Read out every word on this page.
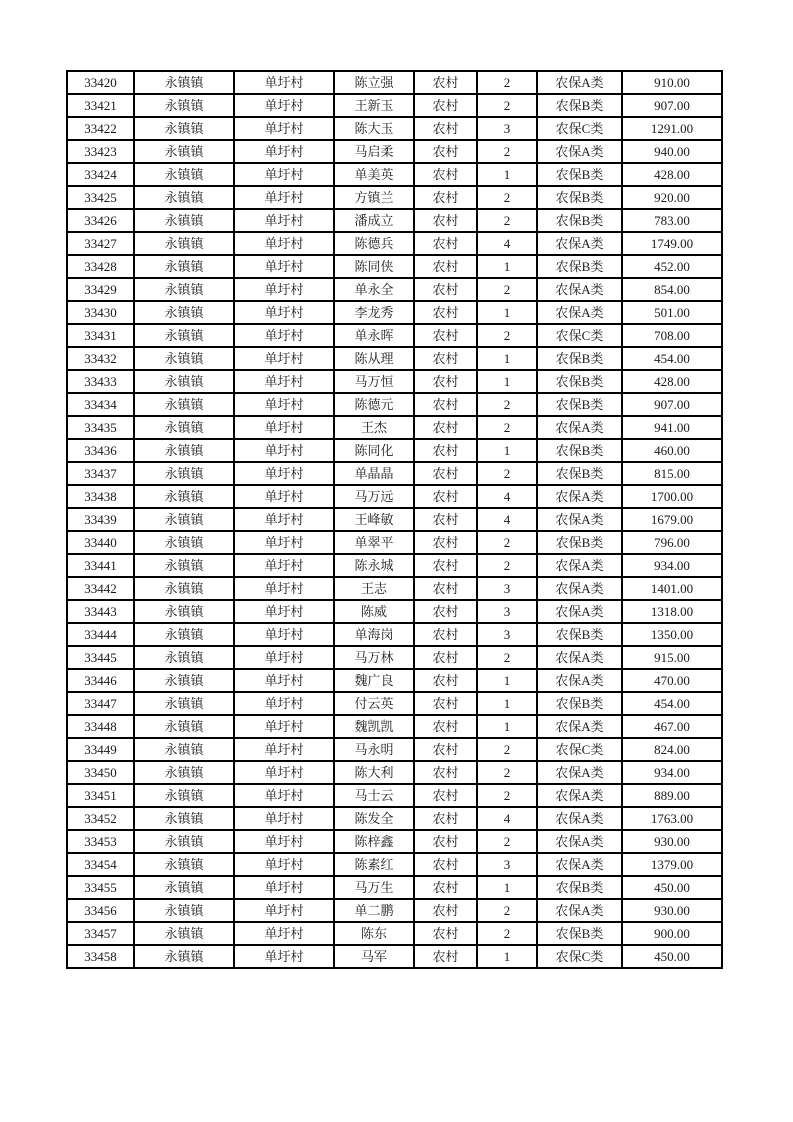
33420	永镇镇	单圩村	陈立强	农村	2	农保A类	910.00
33421	永镇镇	单圩村	王新玉	农村	2	农保B类	907.00
33422	永镇镇	单圩村	陈大玉	农村	3	农保C类	1291.00
33423	永镇镇	单圩村	马启柔	农村	2	农保A类	940.00
33424	永镇镇	单圩村	单美英	农村	1	农保B类	428.00
33425	永镇镇	单圩村	方镇兰	农村	2	农保B类	920.00
33426	永镇镇	单圩村	潘成立	农村	2	农保B类	783.00
33427	永镇镇	单圩村	陈德兵	农村	4	农保A类	1749.00
33428	永镇镇	单圩村	陈同侠	农村	1	农保B类	452.00
33429	永镇镇	单圩村	单永全	农村	2	农保A类	854.00
33430	永镇镇	单圩村	李龙秀	农村	1	农保A类	501.00
33431	永镇镇	单圩村	单永晖	农村	2	农保C类	708.00
33432	永镇镇	单圩村	陈从理	农村	1	农保B类	454.00
33433	永镇镇	单圩村	马万恒	农村	1	农保B类	428.00
33434	永镇镇	单圩村	陈德元	农村	2	农保B类	907.00
33435	永镇镇	单圩村	王杰	农村	2	农保A类	941.00
33436	永镇镇	单圩村	陈同化	农村	1	农保B类	460.00
33437	永镇镇	单圩村	单晶晶	农村	2	农保B类	815.00
33438	永镇镇	单圩村	马万远	农村	4	农保A类	1700.00
33439	永镇镇	单圩村	王峰敏	农村	4	农保A类	1679.00
33440	永镇镇	单圩村	单翠平	农村	2	农保B类	796.00
33441	永镇镇	单圩村	陈永城	农村	2	农保A类	934.00
33442	永镇镇	单圩村	王志	农村	3	农保A类	1401.00
33443	永镇镇	单圩村	陈威	农村	3	农保A类	1318.00
33444	永镇镇	单圩村	单海岗	农村	3	农保B类	1350.00
33445	永镇镇	单圩村	马万林	农村	2	农保A类	915.00
33446	永镇镇	单圩村	魏广良	农村	1	农保A类	470.00
33447	永镇镇	单圩村	付云英	农村	1	农保B类	454.00
33448	永镇镇	单圩村	魏凯凯	农村	1	农保A类	467.00
33449	永镇镇	单圩村	马永明	农村	2	农保C类	824.00
33450	永镇镇	单圩村	陈大利	农村	2	农保A类	934.00
33451	永镇镇	单圩村	马士云	农村	2	农保A类	889.00
33452	永镇镇	单圩村	陈发全	农村	4	农保A类	1763.00
33453	永镇镇	单圩村	陈梓鑫	农村	2	农保A类	930.00
33454	永镇镇	单圩村	陈素红	农村	3	农保A类	1379.00
33455	永镇镇	单圩村	马万生	农村	1	农保B类	450.00
33456	永镇镇	单圩村	单二鹏	农村	2	农保A类	930.00
33457	永镇镇	单圩村	陈东	农村	2	农保B类	900.00
33458	永镇镇	单圩村	马军	农村	1	农保C类	450.00
